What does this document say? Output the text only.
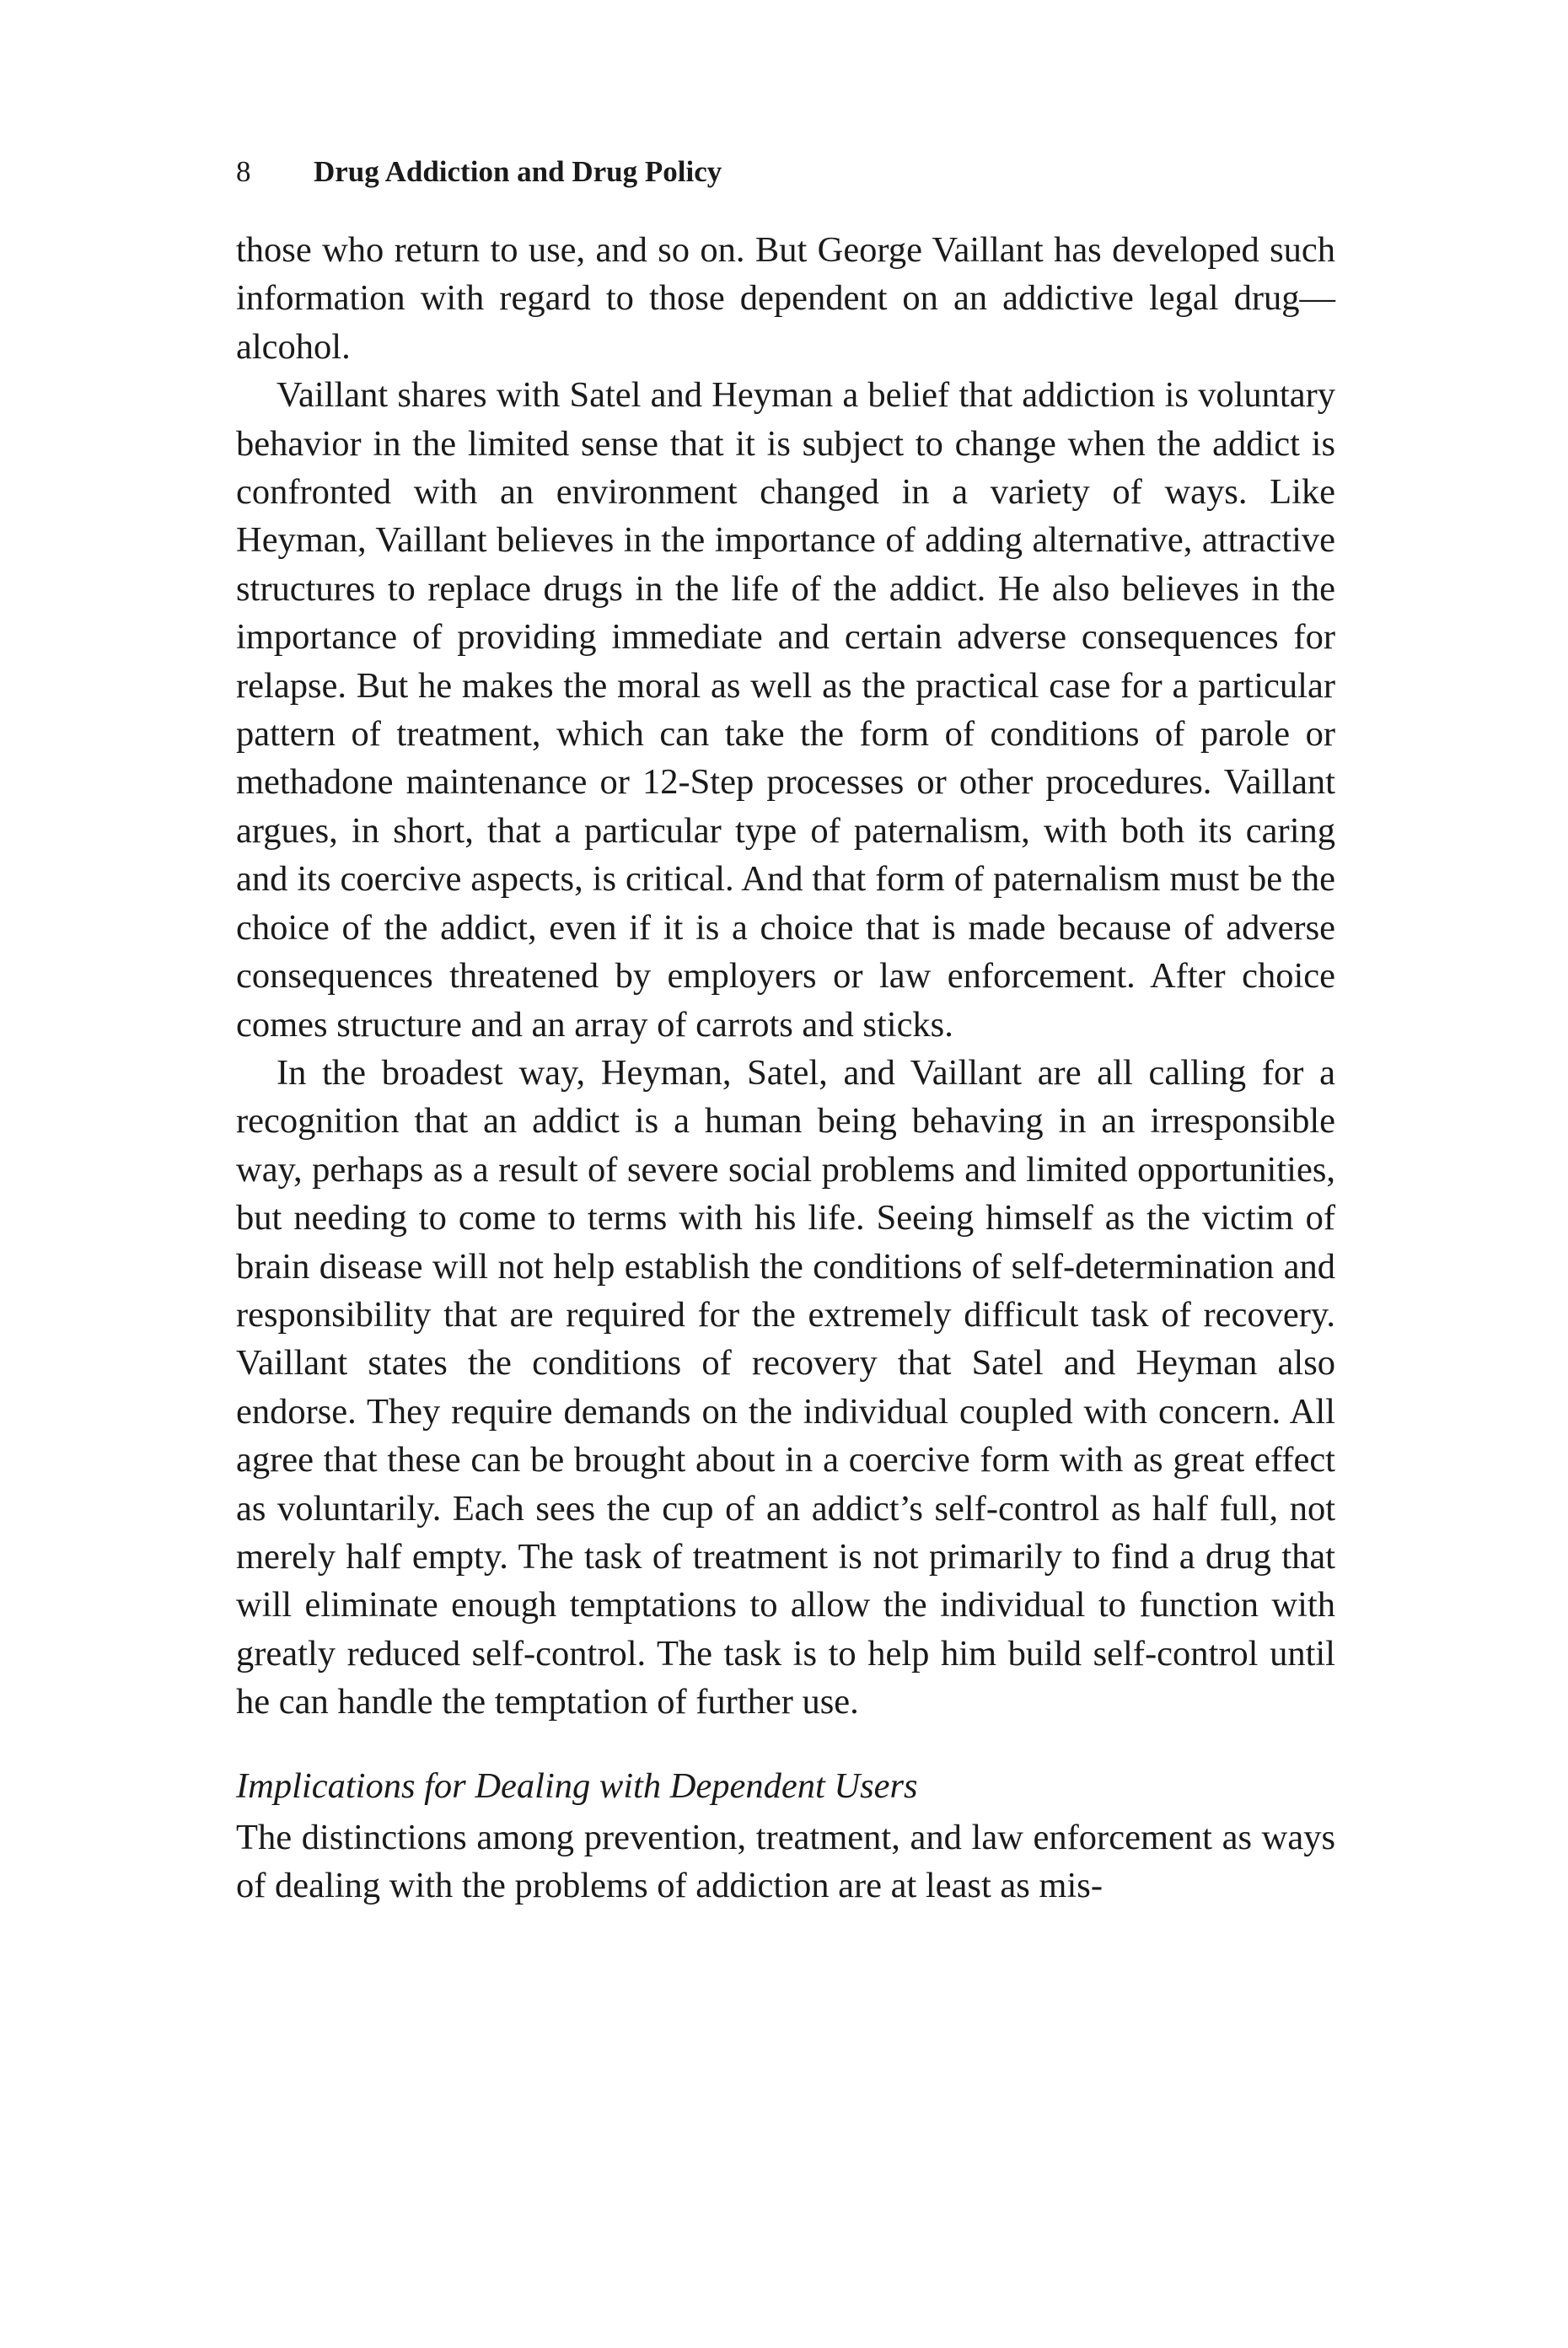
8 Drug Addiction and Drug Policy

those who return to use, and so on. But George Vaillant has developed such information with regard to those dependent on an addictive legal drug—alcohol.

Vaillant shares with Satel and Heyman a belief that addiction is voluntary behavior in the limited sense that it is subject to change when the addict is confronted with an environment changed in a variety of ways. Like Heyman, Vaillant believes in the importance of adding alternative, attractive structures to replace drugs in the life of the addict. He also believes in the importance of providing immediate and certain adverse consequences for relapse. But he makes the moral as well as the practical case for a particular pattern of treatment, which can take the form of conditions of parole or methadone maintenance or 12-Step processes or other procedures. Vaillant argues, in short, that a particular type of paternalism, with both its caring and its coercive aspects, is critical. And that form of paternalism must be the choice of the addict, even if it is a choice that is made because of adverse consequences threatened by employers or law enforcement. After choice comes structure and an array of carrots and sticks.

In the broadest way, Heyman, Satel, and Vaillant are all calling for a recognition that an addict is a human being behaving in an irresponsible way, perhaps as a result of severe social problems and limited opportunities, but needing to come to terms with his life. Seeing himself as the victim of brain disease will not help establish the conditions of self-determination and responsibility that are required for the extremely difficult task of recovery. Vaillant states the conditions of recovery that Satel and Heyman also endorse. They require demands on the individual coupled with concern. All agree that these can be brought about in a coercive form with as great effect as voluntarily. Each sees the cup of an addict’s self-control as half full, not merely half empty. The task of treatment is not primarily to find a drug that will eliminate enough temptations to allow the individual to function with greatly reduced self-control. The task is to help him build self-control until he can handle the temptation of further use.

Implications for Dealing with Dependent Users

The distinctions among prevention, treatment, and law enforcement as ways of dealing with the problems of addiction are at least as mis-
